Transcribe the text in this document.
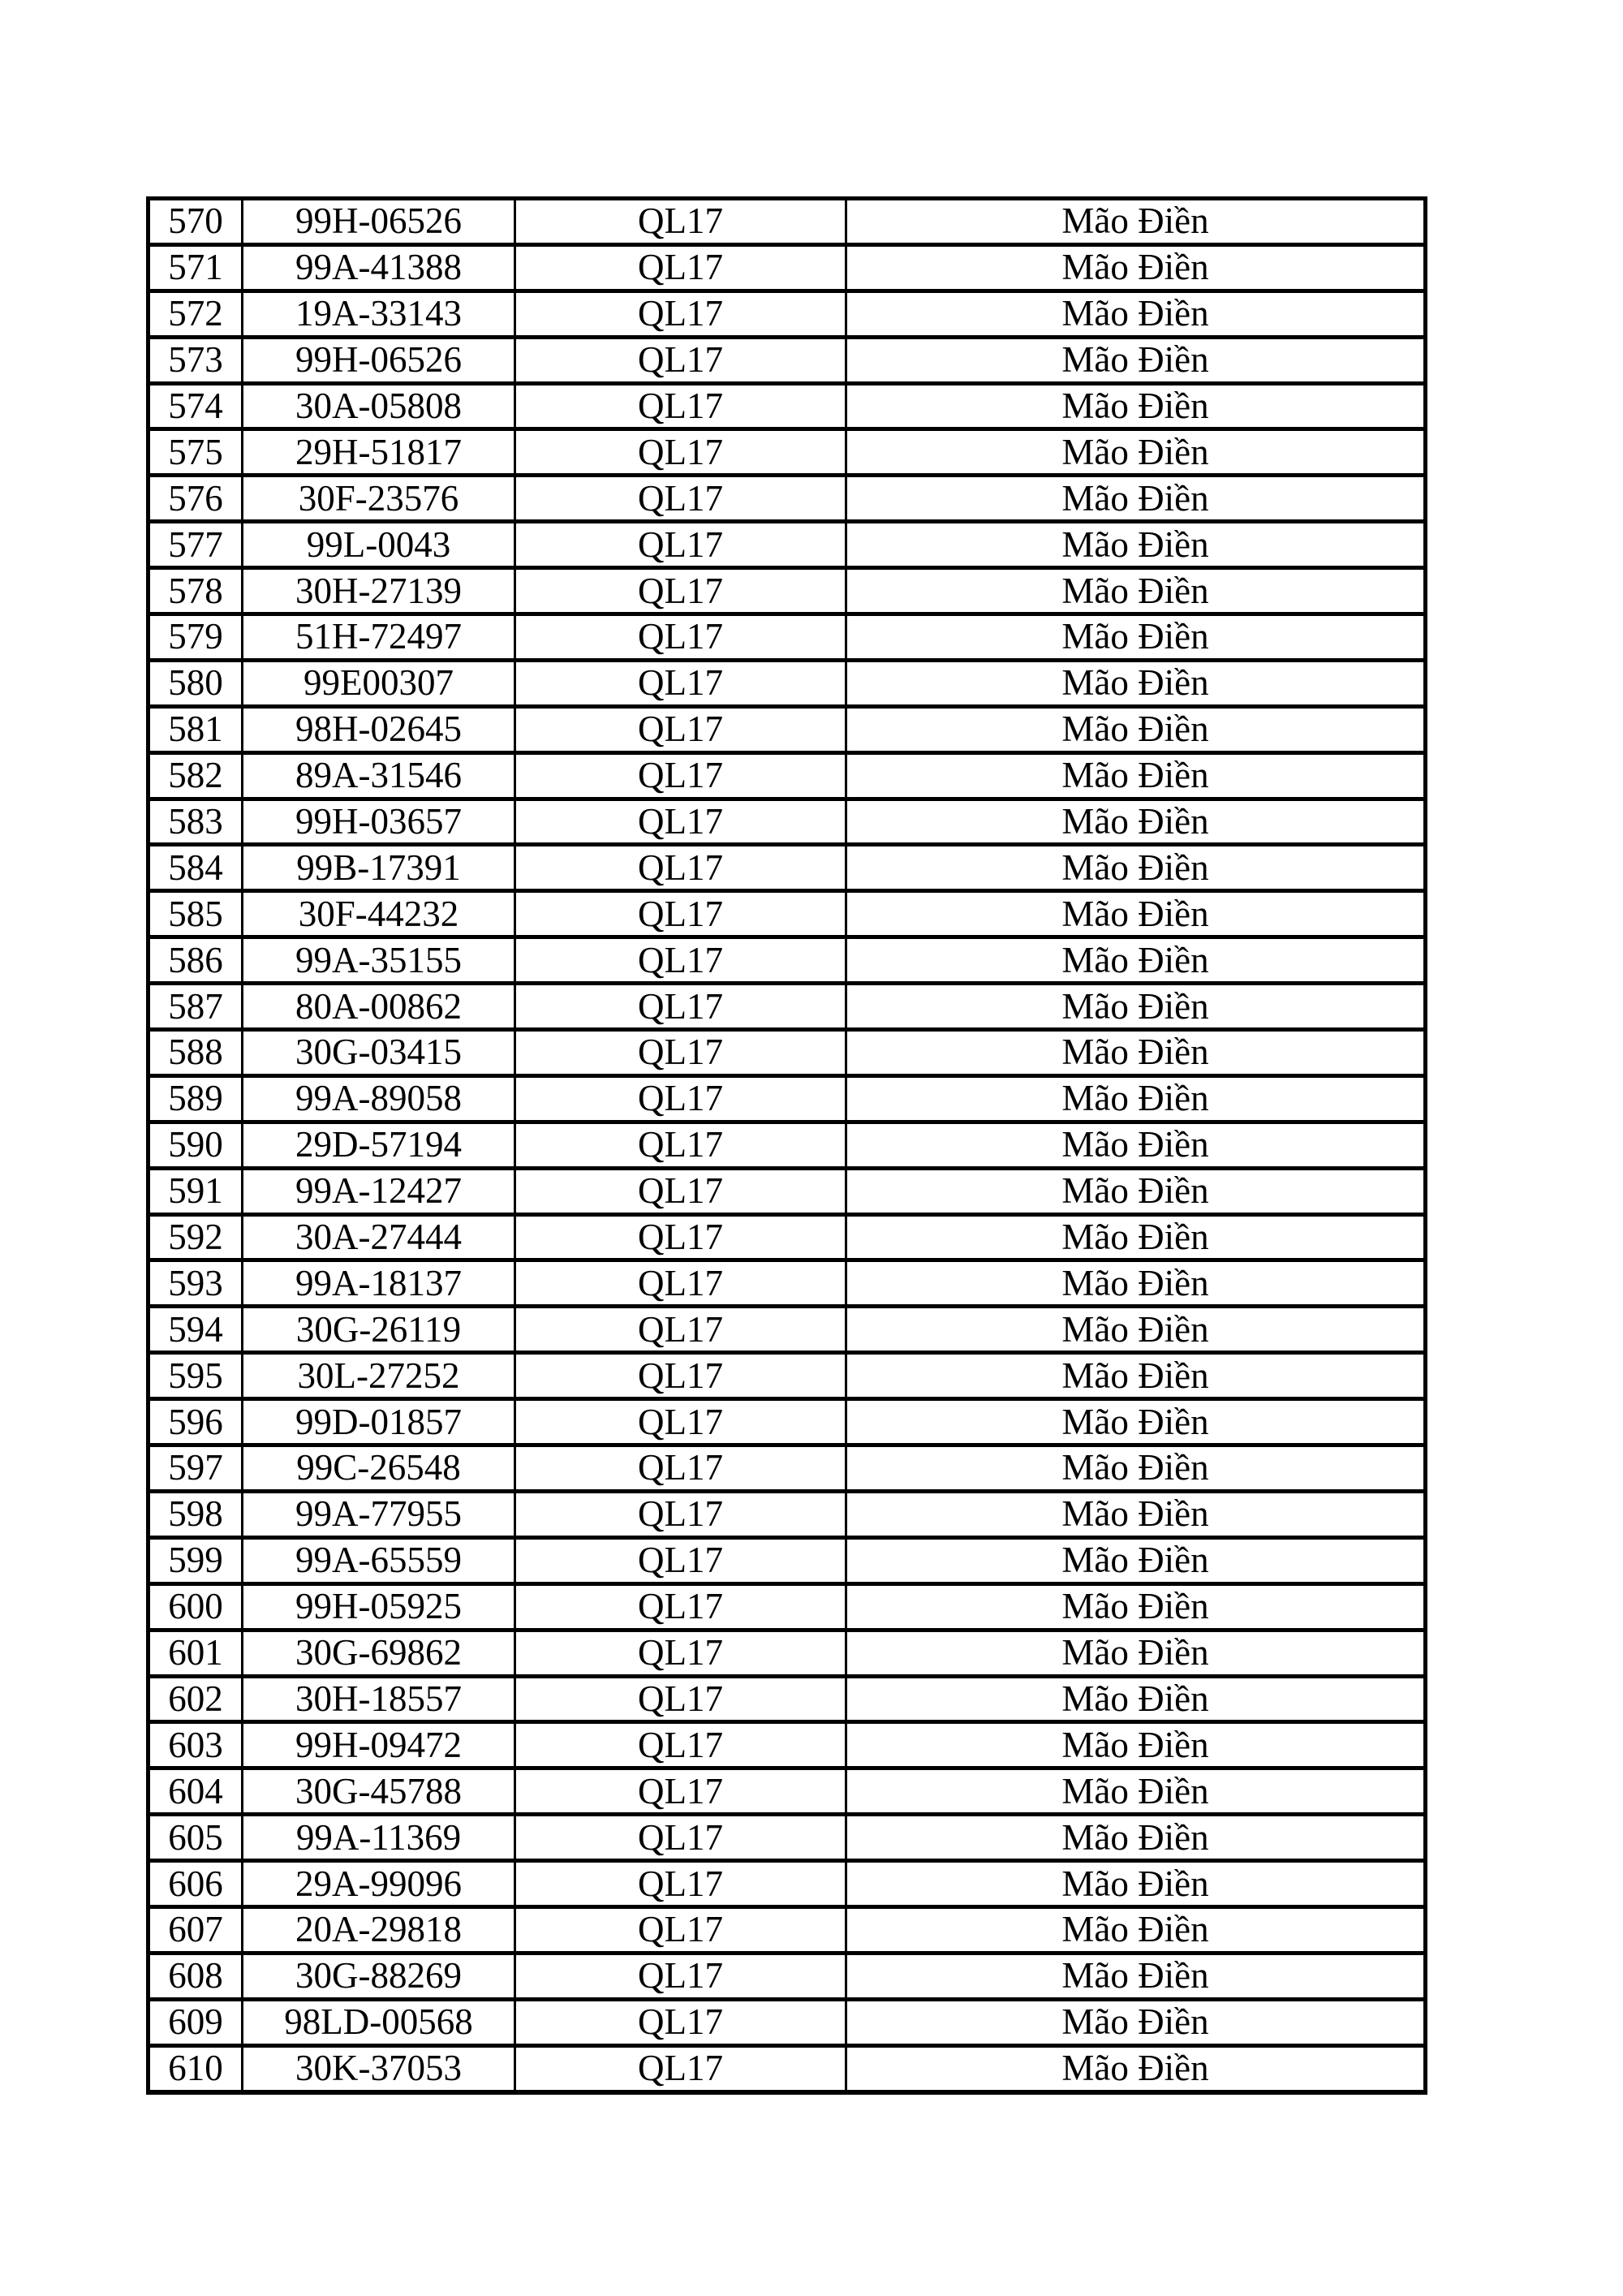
570	99H-06526	QL17	Mão Điền
571	99A-41388	QL17	Mão Điền
572	19A-33143	QL17	Mão Điền
573	99H-06526	QL17	Mão Điền
574	30A-05808	QL17	Mão Điền
575	29H-51817	QL17	Mão Điền
576	30F-23576	QL17	Mão Điền
577	99L-0043	QL17	Mão Điền
578	30H-27139	QL17	Mão Điền
579	51H-72497	QL17	Mão Điền
580	99E00307	QL17	Mão Điền
581	98H-02645	QL17	Mão Điền
582	89A-31546	QL17	Mão Điền
583	99H-03657	QL17	Mão Điền
584	99B-17391	QL17	Mão Điền
585	30F-44232	QL17	Mão Điền
586	99A-35155	QL17	Mão Điền
587	80A-00862	QL17	Mão Điền
588	30G-03415	QL17	Mão Điền
589	99A-89058	QL17	Mão Điền
590	29D-57194	QL17	Mão Điền
591	99A-12427	QL17	Mão Điền
592	30A-27444	QL17	Mão Điền
593	99A-18137	QL17	Mão Điền
594	30G-26119	QL17	Mão Điền
595	30L-27252	QL17	Mão Điền
596	99D-01857	QL17	Mão Điền
597	99C-26548	QL17	Mão Điền
598	99A-77955	QL17	Mão Điền
599	99A-65559	QL17	Mão Điền
600	99H-05925	QL17	Mão Điền
601	30G-69862	QL17	Mão Điền
602	30H-18557	QL17	Mão Điền
603	99H-09472	QL17	Mão Điền
604	30G-45788	QL17	Mão Điền
605	99A-11369	QL17	Mão Điền
606	29A-99096	QL17	Mão Điền
607	20A-29818	QL17	Mão Điền
608	30G-88269	QL17	Mão Điền
609	98LD-00568	QL17	Mão Điền
610	30K-37053	QL17	Mão Điền
